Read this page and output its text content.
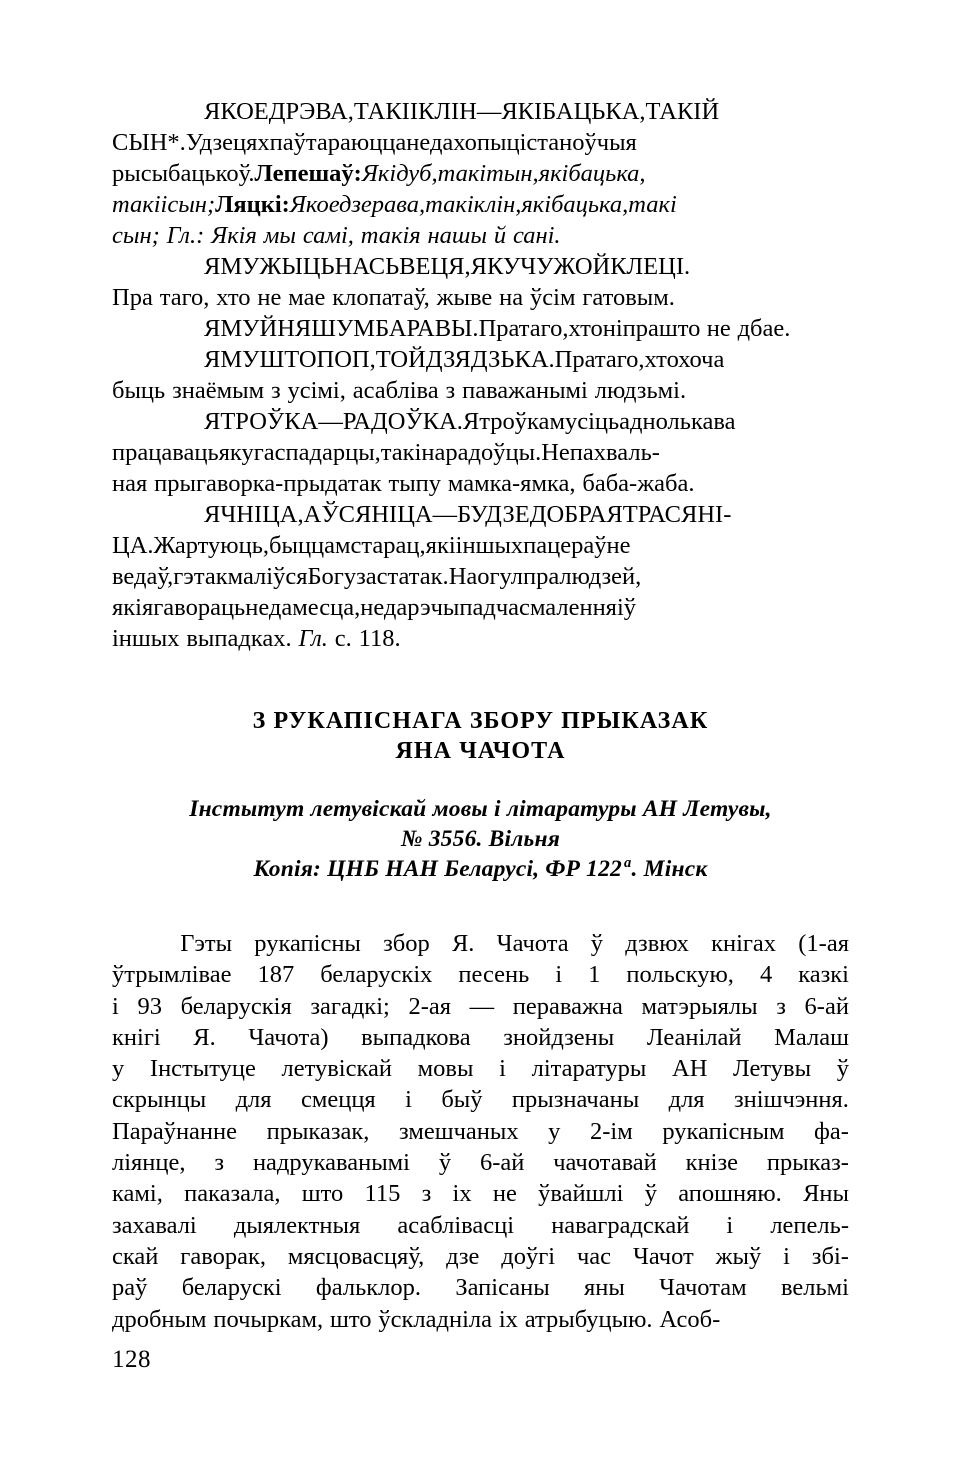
ЯКОЕДРЭВА,ТАКІІКЛІН—ЯКІБАЦЬКА,ТАКІЙ СЫН*.Удзецяхпаўтараюццанедахопыцістаноўчыя рысыбацькоў.Лепешаў:Якідуб,такітын,якібацька, такіісын;Ляцкі:Якоедзерава,такіклін,якібацька,такі сын; Гл.: Якія мы самі, такія нашы й сані.

ЯМУЖЫЦЬНАСЬВЕЦЯ,ЯКУЧУЖОЙКЛЕЦІ. Пра таго, хто не мае клопатаў, жыве на ўсім гатовым.

ЯМУЙНЯШУМБАРАВЫ.Пратаго,хтоніпрашто не дбае.

ЯМУШТОПОП,ТОЙДЗЯДЗЬКА.Пратаго,хтохоча быць знаёмым з усімі, асабліва з паважанымі людзьмі.

ЯТРОЎКА—РАДОЎКА.Ятроўкамусіцьаднолькава працавацьякугаспадарцы,такінарадоўцы.Непахваль- ная прыгаворка-прыдатак тыпу мамка-ямка, баба-жаба.

ЯЧНІЦА,АЎСЯНІЦА—БУДЗЕДОБРАЯТРАСЯНІ- ЦА.Жартуюць,быццамстарац,якііншыхпацераўне ведаў,гэтакмаліўсяБогузастатак.Наогулпралюдзей, якіягаворацьнедамесца,недарэчыпадчасмаленняіў іншых выпадках. Гл. с. 118.

З РУКАПІСНАГА ЗБОРУ ПРЫКАЗАК
ЯНА ЧАЧОТА
Інстытут летувіскай мовы і літаратуры АН Летувы,
№ 3556. Вільня
Копія: ЦНБ НАН Беларусі, ФР 122 $^а$. Мінск

Гэты рукапісны збор Я. Чачота ў дзвюх кнігах (1-ая
ўтрымлівае 187 беларускіх песень і 1 польскую, 4 казкі
і 93 беларускія загадкі; 2-ая — пераважна матэрыялы з 6-ай
кнігі Я. Чачота) выпадкова знойдзены Леанілай Малаш
у Інстытуце летувіскай мовы і літаратуры АН Летувы ў
скрынцы для смецця і быў прызначаны для знішчэння.
Параўнанне прыказак, змешчаных у 2-ім рукапісным фа-
ліянце, з надрукаванымі ў 6-ай чачотавай кнізе прыказ-
камі, паказала, што 115 з іх не ўвайшлі ў апошняю. Яны
захавалі дыялектныя асаблівасці наваградскай і лепель-
скай гаворак, мясцовасцяў, дзе доўгі час Чачот жыў і збі-
раў беларускі фальклор. Запісаны яны Чачотам вельмі
дробным почыркам, што ўскладніла іх атрыбуцыю. Асоб-

128
